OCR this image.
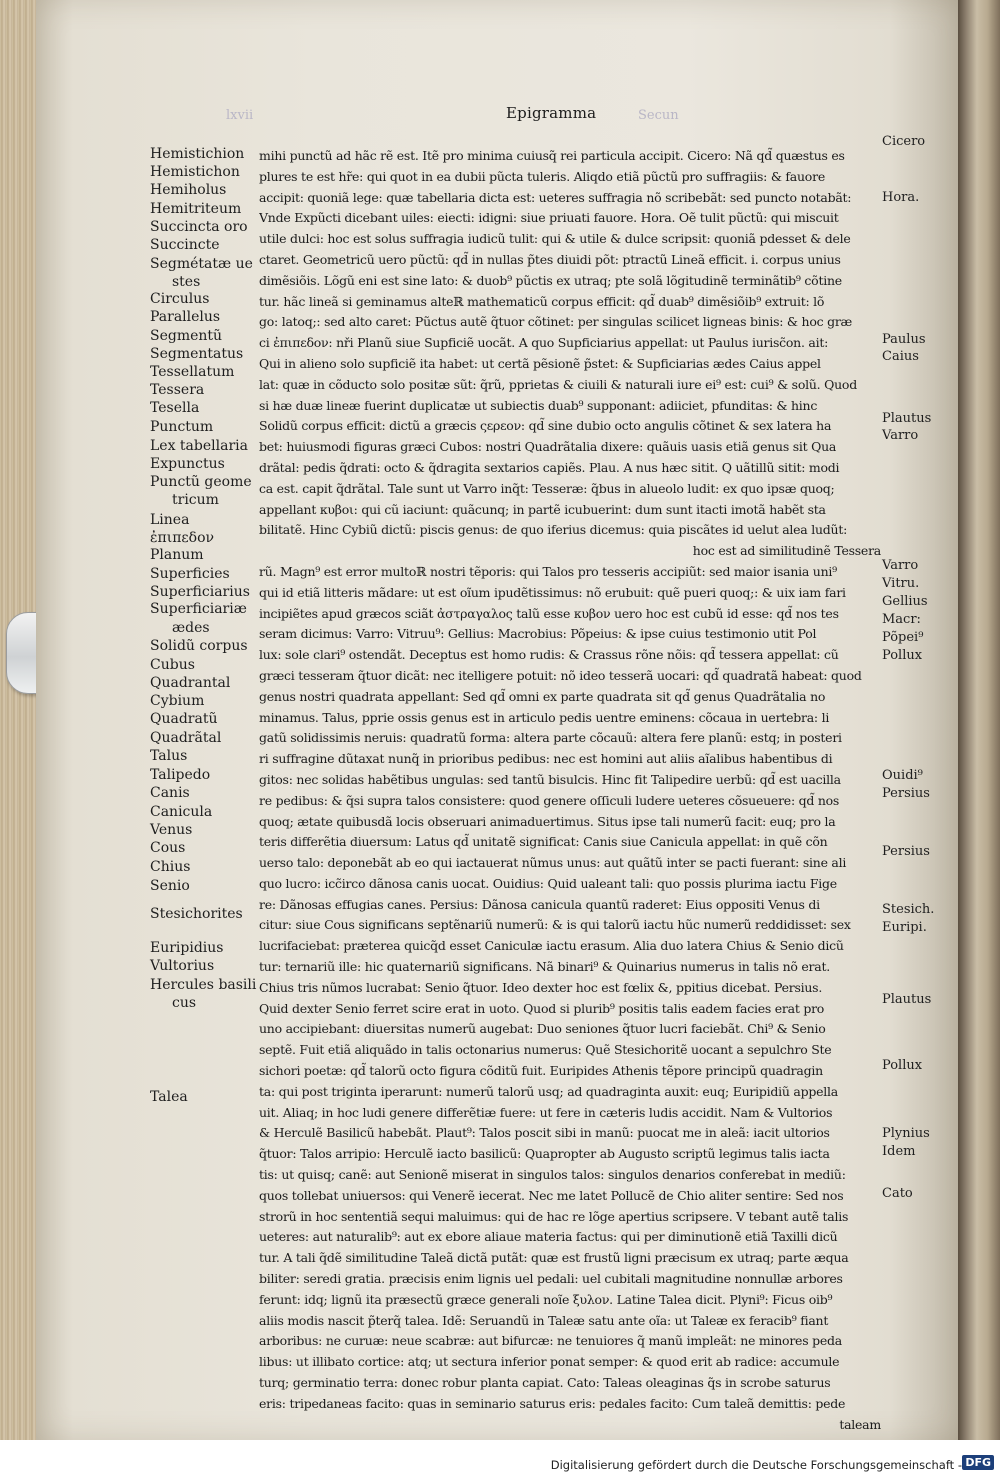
lxvii	Secun
Epigramma
Hemistichion
Hemistichon
Hemiholus
Hemitriteum
Succincta oro
Succincte
Segmétatæ ue
stes
Circulus
Parallelus
Segmentũ
Segmentatus
Tessellatum
Tessera
Tesella
Punctum
Lex tabellaria
Expunctus
Punctũ geome
tricum
Linea
ἐπιπεδον
Planum
Superficies
Superficiarius
Superficiariæ
ædes
Solidũ corpus
Cubus
Quadrantal
Cybium
Quadratũ
Quadrãtal
Talus
Talipedo
Canis
Canicula
Venus
Cous
Chius
Senio
Stesichorites
Euripidius
Vultorius
Hercules basili
cus
Talea
mihi punctũ ad hãc rẽ est. Itẽ pro minima cuiusq̃ rei particula accipit. Cicero: Nã qd̃ quæstus es
plures te est hr̃e: qui quot in ea dubii pũcta tuleris. Aliqdo etiã pũctũ pro suffragiis: & fauore
accipit: quoniã lege: quæ tabellaria dicta est: ueteres suffragia nõ scribebãt: sed puncto notabãt:
Vnde Expũcti dicebant uiles: eiecti: idigni: siue priuati fauore. Hora. Oẽ tulit pũctũ: qui miscuit
utile dulci: hoc est solus suffragia iudicũ tulit: qui & utile & dulce scripsit: quoniã pdesset & dele
ctaret. Geometricũ uero pũctũ: qd̃ in nullas p̃tes diuidi põt: ptractũ Lineã efficit. i. corpus unius
dimẽsiõis. Lõgũ eni est sine lato: & duob⁹ pũctis ex utraq; pte solã lõgitudinẽ terminãtib⁹ cõtine
tur. hãc lineã si geminamus alteℝ mathematicũ corpus efficit: qd̃ duab⁹ dimẽsiõib⁹ extruit: lõ
go: latoq;: sed alto caret: Pũctus autẽ q̃tuor cõtinet: per singulas scilicet ligneas binis: & hoc græ
ci ἐπιπεδον: nři Planũ siue Supficiẽ uocãt. A quo Supficiarius appellat: ut Paulus iurisc̃on. ait:
Qui in alieno solo supficiẽ ita habet: ut certã pẽsionẽ p̃stet: & Supficiarias ædes Caius appel
lat: quæ in cõducto solo positæ sũt: q̃rũ, pprietas & ciuili & naturali iure ei⁹ est: cui⁹ & solũ. Quod
si hæ duæ lineæ fuerint duplicatæ ut subiectis duab⁹ supponant: adiiciet, pfunditas: & hinc
Solidũ corpus efficit: dictũ a græcis ςερεον: qd̃ sine dubio octo angulis cõtinet & sex latera ha
bet: huiusmodi figuras græci Cubos: nostri Quadrãtalia dixere: quãuis uasis etiã genus sit Qua
drãtal: pedis q̃drati: octo & q̃dragita sextarios capiẽs. Plau. A nus hæc sitit. Q uãtillũ sitit: modi
ca est. capit q̃drãtal. Tale sunt ut Varro inq̃t: Tesseræ: q̃bus in alueolo ludit: ex quo ipsæ quoq;
appellant κυβοι: qui cũ iaciunt: quãcunq; in partẽ icubuerint: dum sunt itacti imotã habẽt sta
bilitatẽ. Hinc Cybiũ dictũ: piscis genus: de quo iferius dicemus: quia piscãtes id uelut alea ludũt:
hoc est ad similitudinẽ Tessera
rũ. Magn⁹ est error multoℝ nostri tẽporis: qui Talos pro tesseris accipiũt: sed maior isania uni⁹
qui id etiã litteris mãdare: ut est oĩum ipudẽtissimus: nõ erubuit: quẽ pueri quoq;: & uix iam fari
incipiẽtes apud græcos sciãt ἀστραγαλος talũ esse κυβον uero hoc est cubũ id esse: qd̃ nos tes
seram dicimus: Varro: Vitruu⁹: Gellius: Macrobius: Põpeius: & ipse cuius testimonio utit Pol
lux: sole clari⁹ ostendãt. Deceptus est homo rudis: & Crassus rõne nõis: qd̃ tessera appellat: cũ
græci tesseram q̃tuor dicãt: nec itelligere potuit: nõ ideo tesserã uocari: qd̃ quadratã habeat: quod
genus nostri quadrata appellant: Sed qd̃ omni ex parte quadrata sit qd̃ genus Quadrãtalia no
minamus. Talus, pprie ossis genus est in articulo pedis uentre eminens: cõcaua in uertebra: li
gatũ solidissimis neruis: quadratũ forma: altera parte cõcauũ: altera fere planũ: estq; in posteri
ri suffragine dũtaxat nunq̃ in prioribus pedibus: nec est homini aut aliis aĩalibus habentibus di
gitos: nec solidas habẽtibus ungulas: sed tantũ bisulcis. Hinc fit Talipedire uerbũ: qd̃ est uacilla
re pedibus: & q̃si supra talos consistere: quod genere oſſiculi ludere ueteres cõsueuere: qd̃ nos
quoq; ætate quibusdã locis obseruari animaduertimus. Situs ipse tali numerũ facit: euq; pro la
teris differẽtia diuersum: Latus qd̃ unitatẽ significat: Canis siue Canicula appellat: in quẽ cõn
uerso talo: deponebãt ab eo qui iactauerat nũmus unus: aut quãtũ inter se pacti fuerant: sine ali
quo lucro: icc̃irco dãnosa canis uocat. Ouidius: Quid ualeant tali: quo possis plurima iactu Fige
re: Dãnosas effugias canes. Persius: Dãnosa canicula quantũ raderet: Eius oppositi Venus di
citur: siue Cous significans septẽnariũ numerũ: & is qui talorũ iactu hũc numerũ reddidisset: sex
lucrifaciebat: præterea quicq̃d esset Caniculæ iactu erasum. Alia duo latera Chius & Senio dicũ
tur: ternariũ ille: hic quaternariũ significans. Nã binari⁹ & Quinarius numerus in talis nõ erat.
Chius tris nũmos lucrabat: Senio q̃tuor. Ideo dexter hoc est fœlix &, ppitius dicebat. Persius.
Quid dexter Senio ferret scire erat in uoto. Quod si plurib⁹ positis talis eadem facies erat pro
uno accipiebant: diuersitas numerũ augebat: Duo seniones q̃tuor lucri faciebãt. Chi⁹ & Senio
septẽ. Fuit etiã aliquãdo in talis octonarius numerus: Quẽ Stesichoritẽ uocant a sepulchro Ste
sichori poetæ: qd̃ talorũ octo figura cõditũ fuit. Euripides Athenis tẽpore principũ quadragin
ta: qui post triginta iperarunt: numerũ talorũ usq; ad quadraginta auxit: euq; Euripidiũ appella
uit. Aliaq; in hoc ludi genere differẽtiæ fuere: ut fere in cæteris ludis accidit. Nam & Vultorios
& Herculẽ Basilicũ habebãt. Plaut⁹: Talos poscit sibi in manũ: puocat me in aleã: iacit ultorios
q̃tuor: Talos arripio: Herculẽ iacto basilicũ: Quapropter ab Augusto scriptũ legimus talis iacta
tis: ut quisq; canẽ: aut Senionẽ miserat in singulos talos: singulos denarios conferebat in mediũ:
quos tollebat uniuersos: qui Venerẽ iecerat. Nec me latet Pollucẽ de Chio aliter sentire: Sed nos
strorũ in hoc sententiã sequi maluimus: qui de hac re lõge apertius scripsere. V tebant autẽ talis
ueteres: aut naturalib⁹: aut ex ebore aliaue materia factus: qui per diminutionẽ etiã Taxilli dicũ
tur. A tali q̃dẽ similitudine Taleã dictã putãt: quæ est frustũ ligni præcisum ex utraq; parte æqua
biliter: seredi gratia. præcisis enim lignis uel pedali: uel cubitali magnitudine nonnullæ arbores
ferunt: idq; lignũ ita præsectũ græce generali noĩe ξυλον. Latine Talea dicit. Plyni⁹: Ficus oib⁹
aliis modis nascit p̃terq̃ talea. Idẽ: Seruandũ in Taleæ satu ante oĩa: ut Taleæ ex feracib⁹ fiant
arboribus: ne curuæ: neue scabræ: aut bifurcæ: ne tenuiores q̃ manũ impleãt: ne minores peda
libus: ut illibato cortice: atq; ut sectura inferior ponat semper: & quod erit ab radice: accumule
turq; germinatio terra: donec robur planta capiat. Cato: Taleas oleaginas q̃s in scrobe saturus
eris: tripedaneas facito: quas in seminario saturus eris: pedales facito: Cum taleã demittis: pede
taleam
Cicero
Hora.
Paulus
Caius
Plautus
Varro
Varro
Vitru.
Gellius
Macr:
Põpei⁹
Pollux
Ouidi⁹
Persius
Persius
Stesich.
Euripi.
Plautus
Pollux
Plynius
Idem
Cato
Digitalisierung gefördert durch die Deutsche Forschungsgemeinschaft - DFG
